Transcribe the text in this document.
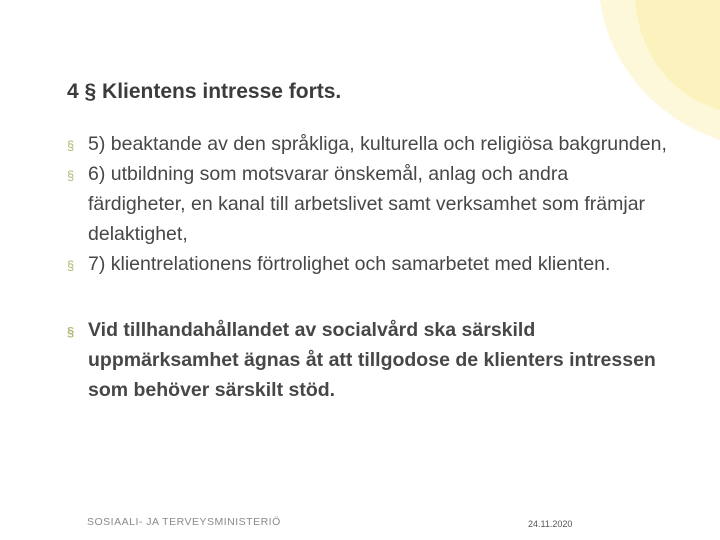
4 § Klientens intresse forts.
§ 5) beaktande av den språkliga, kulturella och religiösa bakgrunden,
§ 6) utbildning som motsvarar önskemål, anlag och andra färdigheter, en kanal till arbetslivet samt verksamhet som främjar delaktighet,
§ 7) klientrelationens förtrolighet och samarbetet med klienten.
§ Vid tillhandahållandet av socialvård ska särskild uppmärksamhet ägnas åt att tillgodose de klienters intressen som behöver särskilt stöd.
SOSIAALI- JA TERVEYSMINISTERIÖ	24.11.2020
